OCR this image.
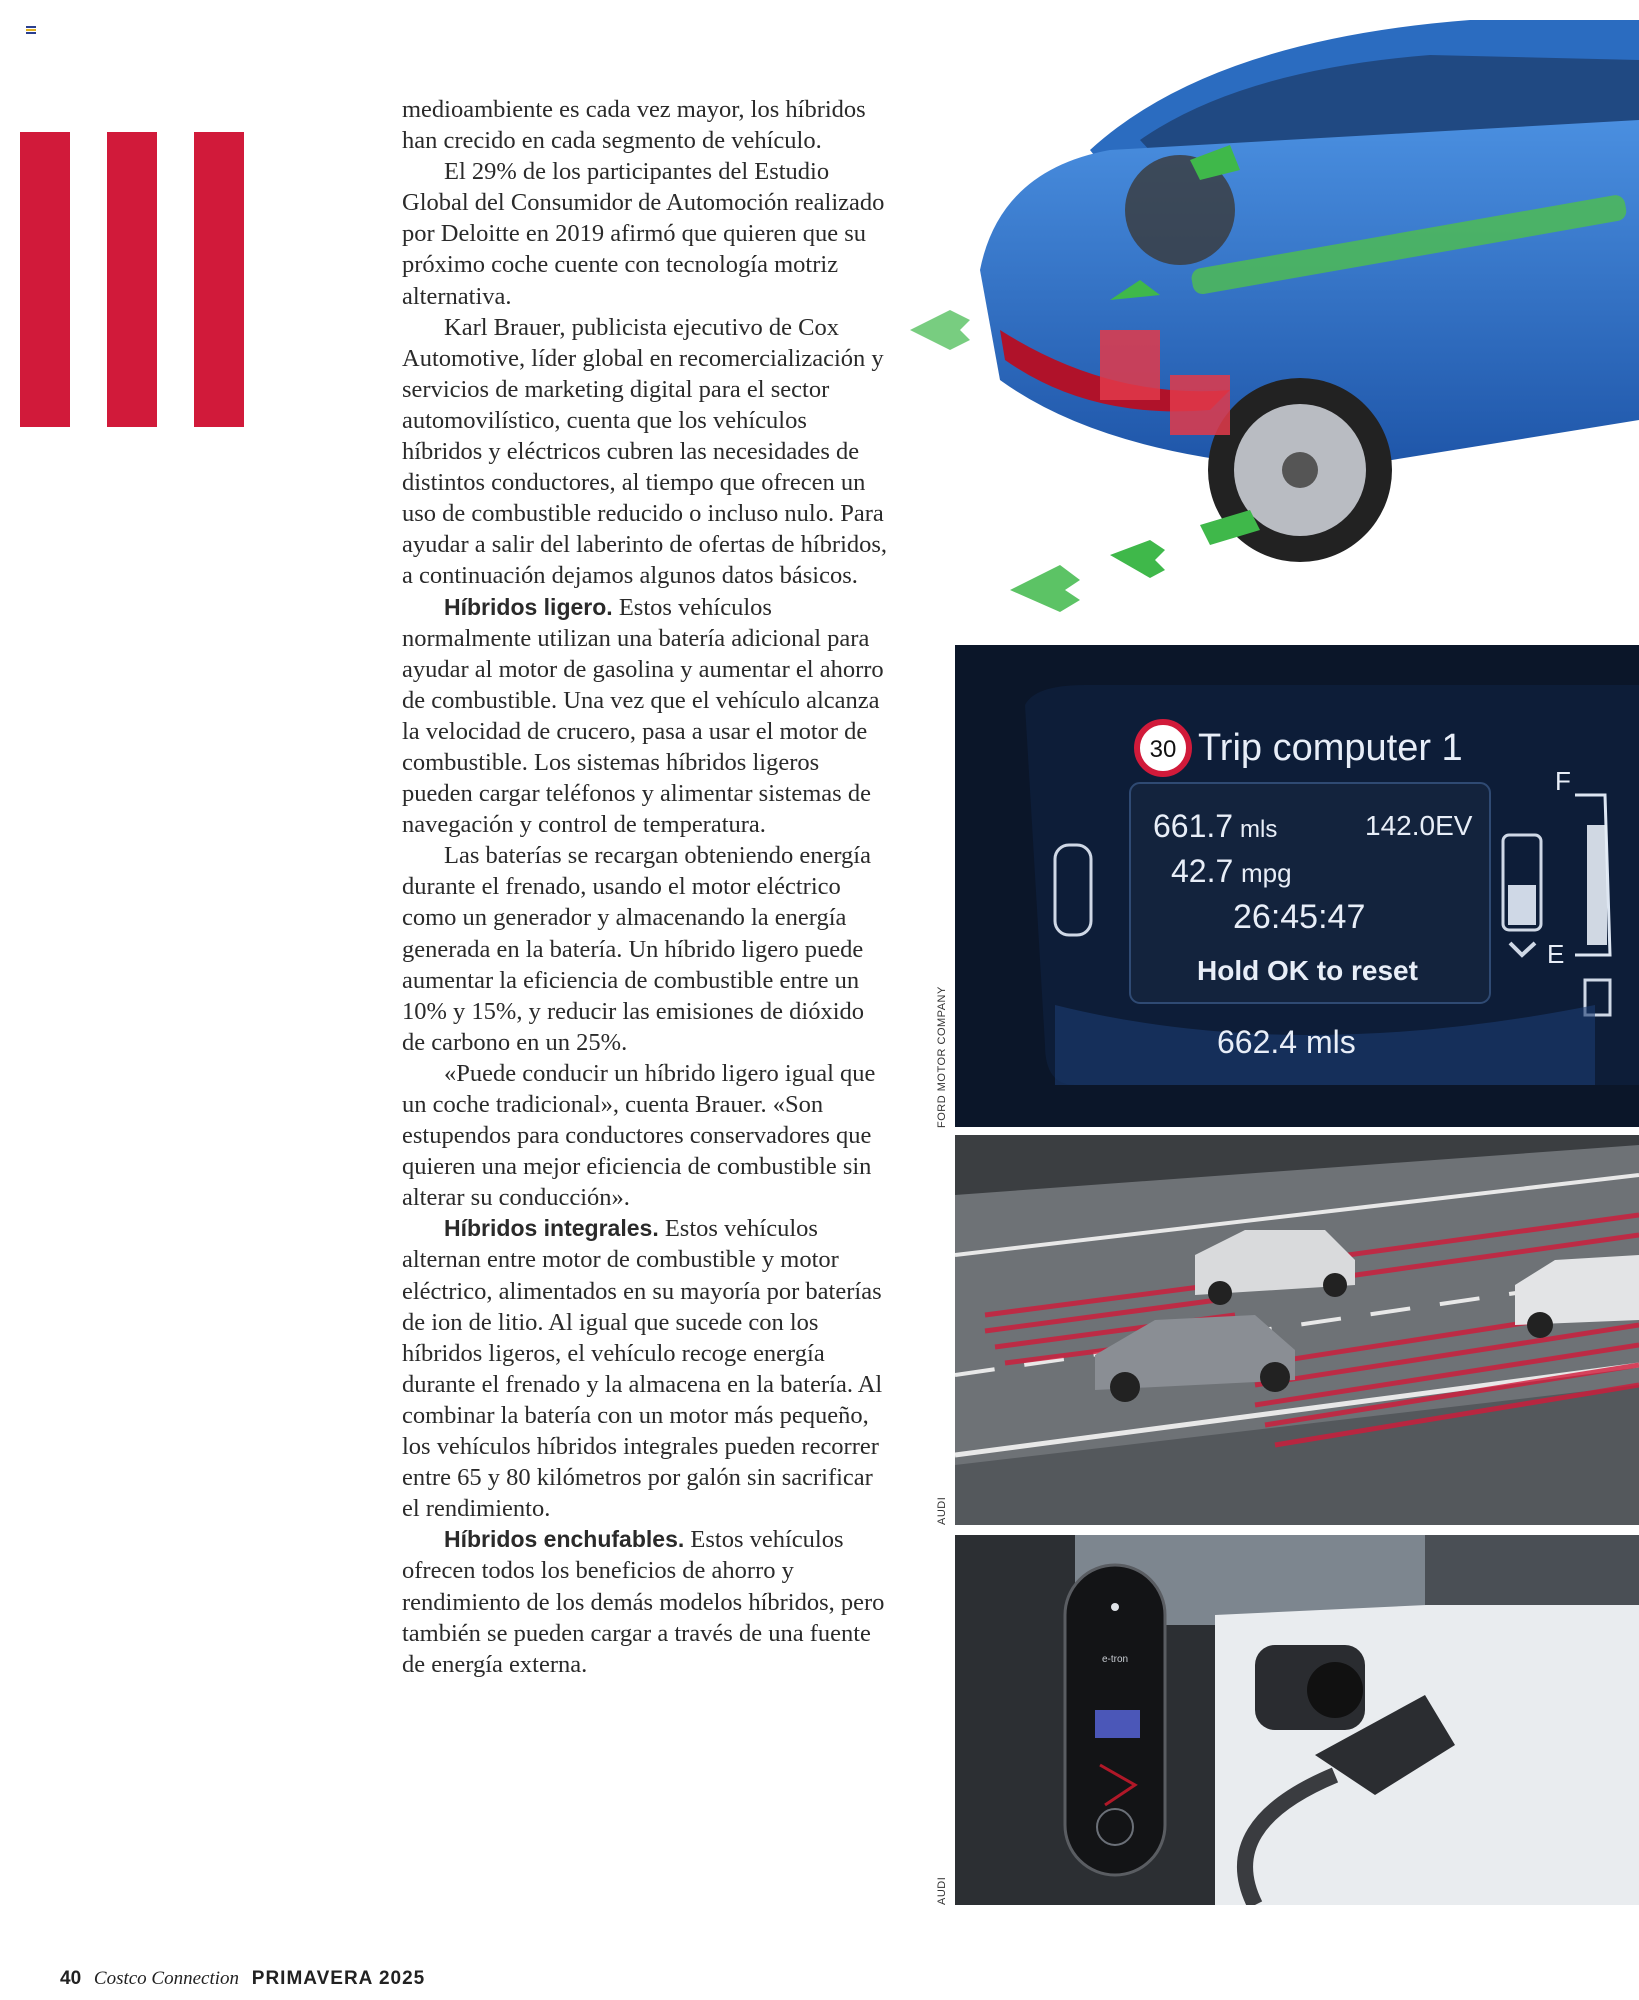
medioambiente es cada vez mayor, los híbridos han crecido en cada segmento de vehículo.

El 29% de los participantes del Estudio Global del Consumidor de Automoción realizado por Deloitte en 2019 afirmó que quieren que su próximo coche cuente con tecnología motriz alternativa.

Karl Brauer, publicista ejecutivo de Cox Automotive, líder global en recomercialización y servicios de marketing digital para el sector automovilístico, cuenta que los vehículos híbridos y eléctricos cubren las necesidades de distintos conductores, al tiempo que ofrecen un uso de combustible reducido o incluso nulo. Para ayudar a salir del laberinto de ofertas de híbridos, a continuación dejamos algunos datos básicos.

Híbridos ligero. Estos vehículos normalmente utilizan una batería adicional para ayudar al motor de gasolina y aumentar el ahorro de combustible. Una vez que el vehículo alcanza la velocidad de crucero, pasa a usar el motor de combustible. Los sistemas híbridos ligeros pueden cargar teléfonos y alimentar sistemas de navegación y control de temperatura.

Las baterías se recargan obteniendo energía durante el frenado, usando el motor eléctrico como un generador y almacenando la energía generada en la batería. Un híbrido ligero puede aumentar la eficiencia de combustible entre un 10% y 15%, y reducir las emisiones de dióxido de carbono en un 25%.

«Puede conducir un híbrido ligero igual que un coche tradicional», cuenta Brauer. «Son estupendos para conductores conservadores que quieren una mejor eficiencia de combustible sin alterar su conducción».

Híbridos integrales. Estos vehículos alternan entre motor de combustible y motor eléctrico, alimentados en su mayoría por baterías de ion de litio. Al igual que sucede con los híbridos ligeros, el vehículo recoge energía durante el frenado y la almacena en la batería. Al combinar la batería con un motor más pequeño, los vehículos híbridos integrales pueden recorrer entre 65 y 80 kilómetros por galón sin sacrificar el rendimiento.

Híbridos enchufables. Estos vehículos ofrecen todos los beneficios de ahorro y rendimiento de los demás modelos híbridos, pero también se pueden cargar a través de una fuente de energía externa.

30 Trip computer 1
661.7 mls	142.0EV
42.7 mpg
26:45:47
Hold OK to reset
F
E
662.4 mls
e-tron
FORD MOTOR COMPANY
AUDI
AUDI
40 Costco Connection PRIMAVERA 2025
